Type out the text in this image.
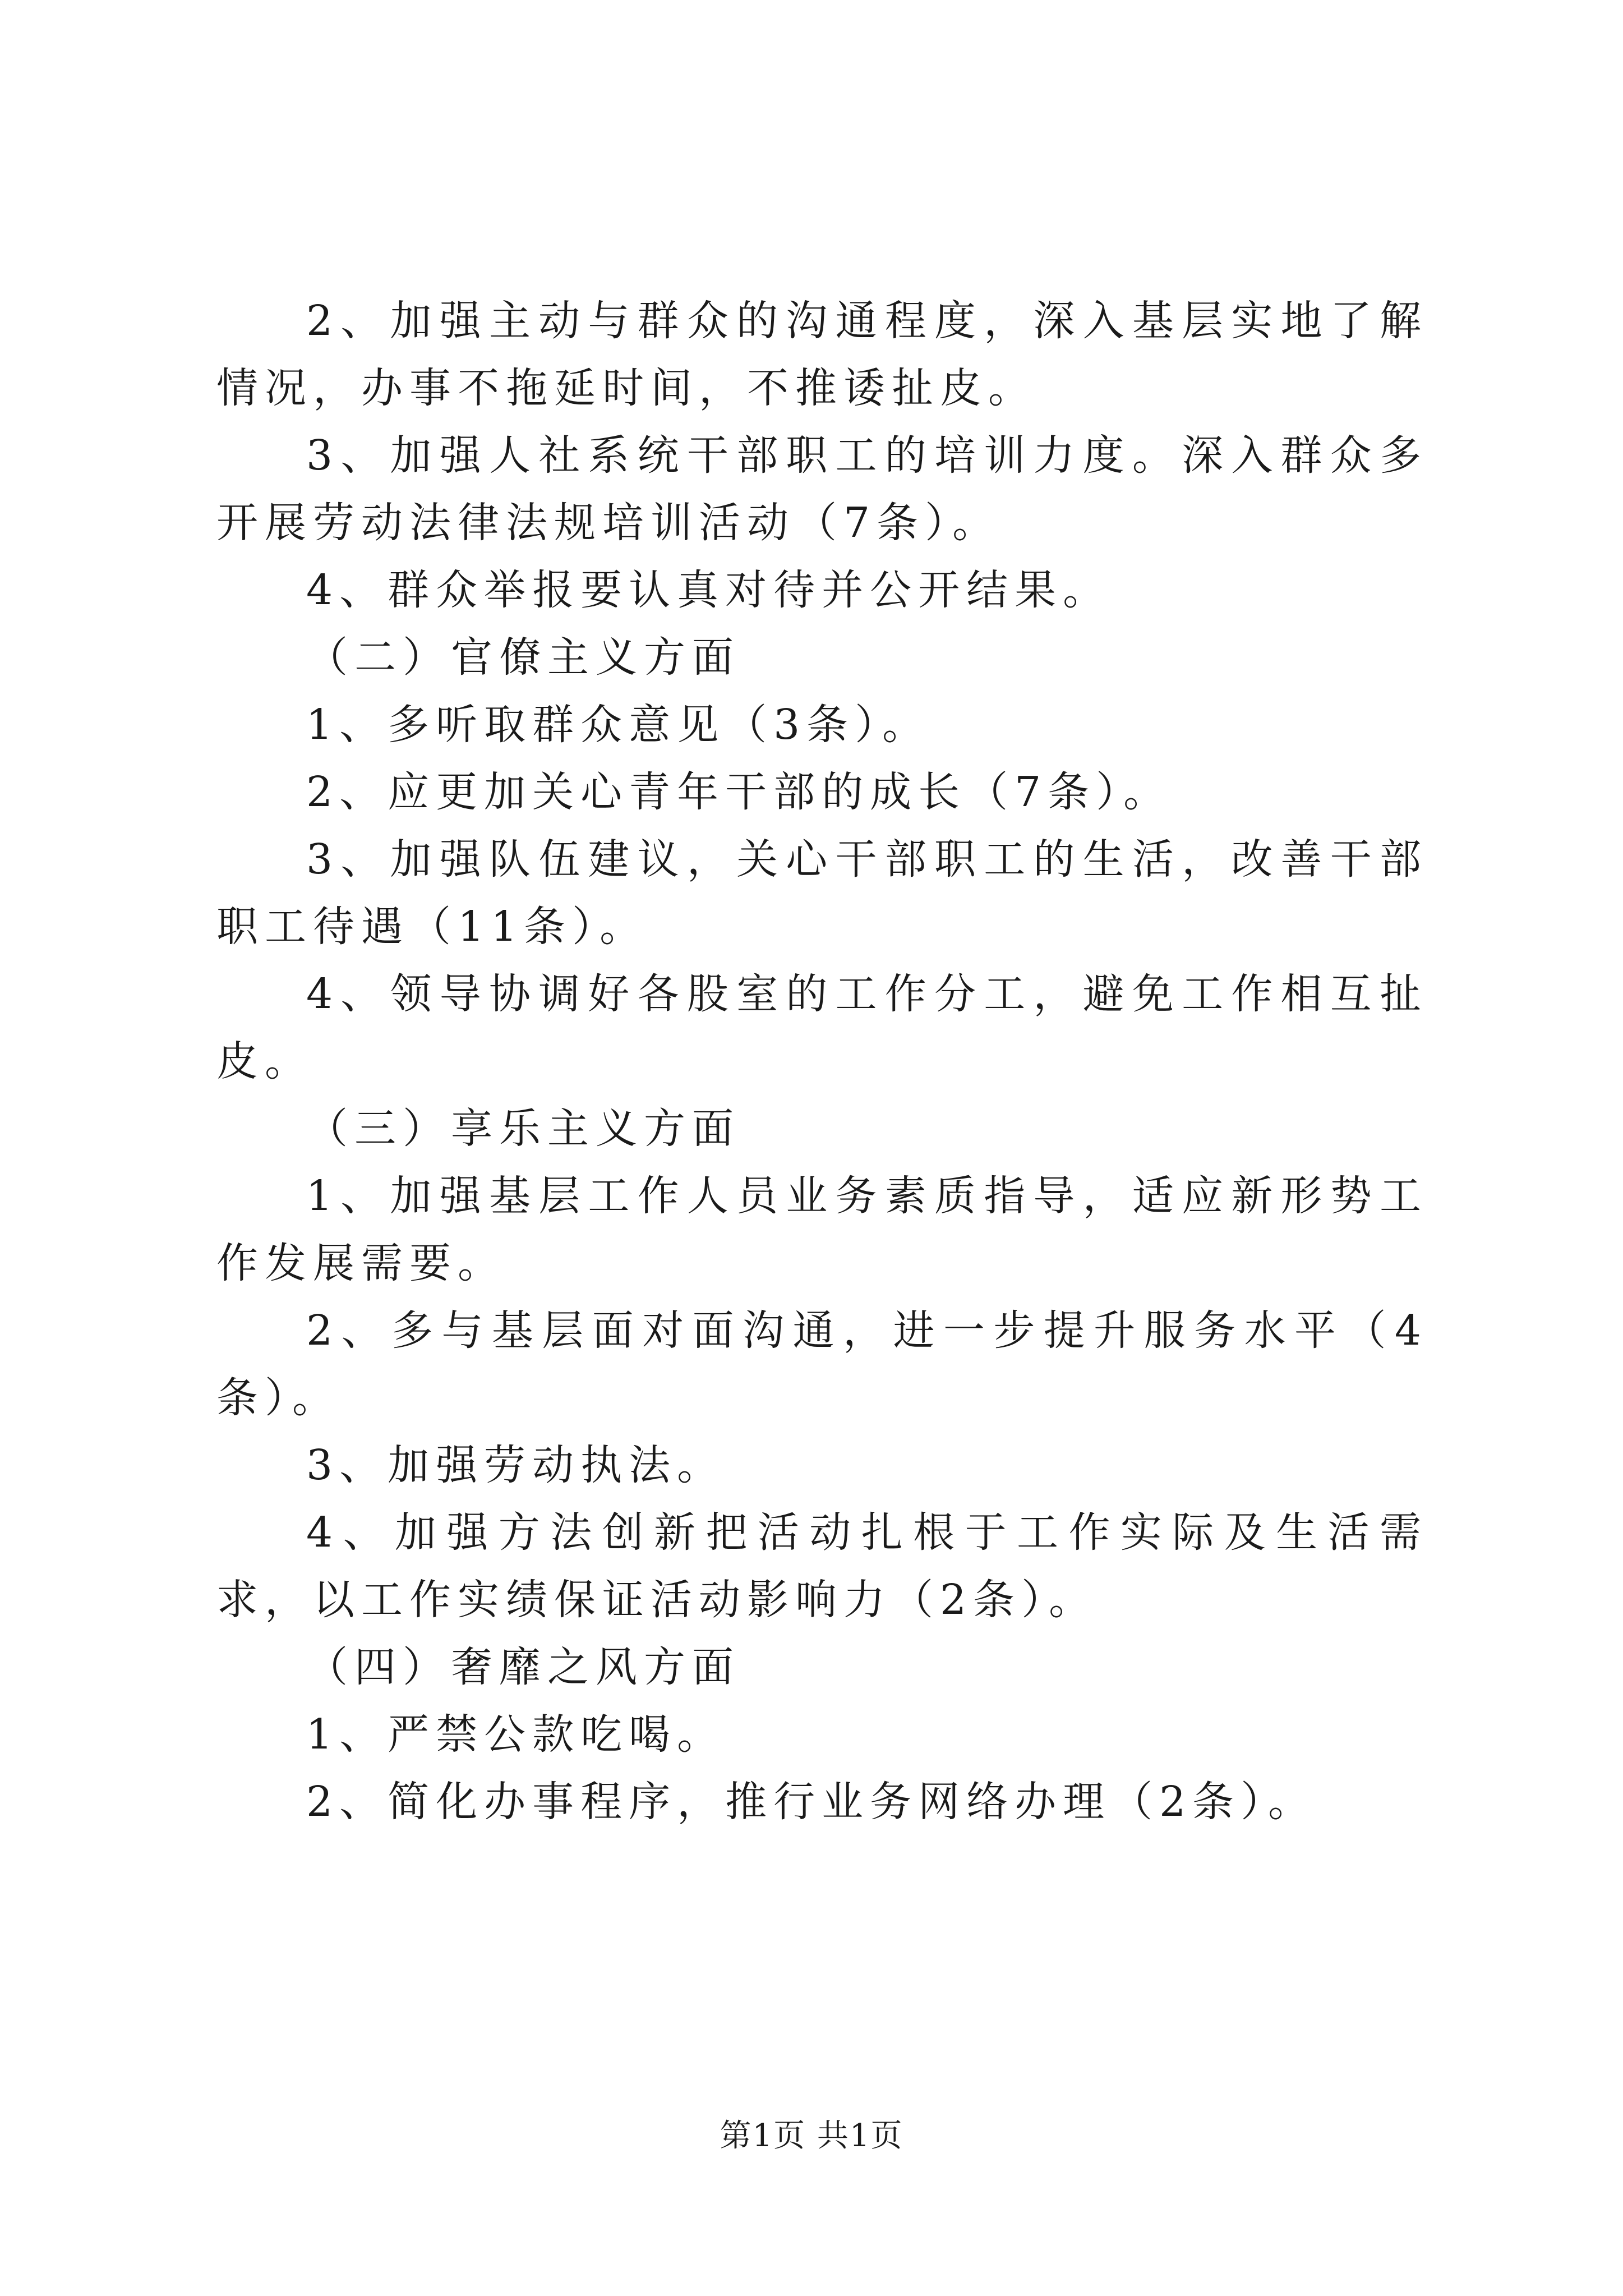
2、加强主动与群众的沟通程度，深入基层实地了解情况，办事不拖延时间，不推诿扯皮。

3、加强人社系统干部职工的培训力度。深入群众多开展劳动法律法规培训活动（7条）。

4、群众举报要认真对待并公开结果。

（二）官僚主义方面

1、多听取群众意见（3条）。

2、应更加关心青年干部的成长（7条）。

3、加强队伍建议，关心干部职工的生活，改善干部职工待遇（11条）。

4、领导协调好各股室的工作分工，避免工作相互扯皮。

（三）享乐主义方面

1、加强基层工作人员业务素质指导，适应新形势工作发展需要。

2、多与基层面对面沟通，进一步提升服务水平（4条）。

3、加强劳动执法。

4、加强方法创新把活动扎根于工作实际及生活需求，以工作实绩保证活动影响力（2条）。

（四）奢靡之风方面

1、严禁公款吃喝。

2、简化办事程序，推行业务网络办理（2条）。

第1页 共1页
